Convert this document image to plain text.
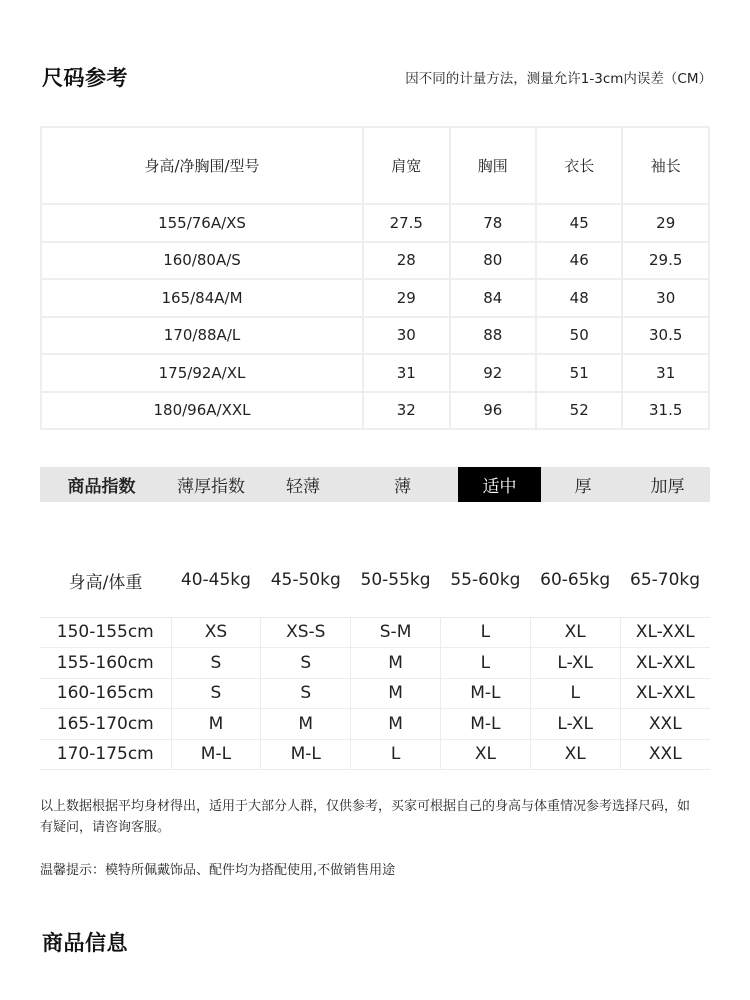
尺码参考	因不同的计量方法，测量允许1-3cm内误差（CM）
身高/净胸围/型号	肩宽	胸围	衣长	袖长
155/76A/XS	27.5	78	45	29
160/80A/S	28	80	46	29.5
165/84A/M	29	84	48	30
170/88A/L	30	88	50	30.5
175/92A/XL	31	92	51	31
180/96A/XXL	32	96	52	31.5
商品指数	薄厚指数	轻薄	薄	适中	厚	加厚
身高/体重	40-45kg	45-50kg	50-55kg	55-60kg	60-65kg	65-70kg

150-155cm	XS	XS-S	S-M	L	XL	XL-XXL
155-160cm	S	S	M	L	L-XL	XL-XXL
160-165cm	S	S	M	M-L	L	XL-XXL
165-170cm	M	M	M	M-L	L-XL	XXL
170-175cm	M-L	M-L	L	XL	XL	XXL

以上数据根据平均身材得出，适用于大部分人群，仅供参考，买家可根据自己的身高与体重情况参考选择尺码，如有疑问，请咨询客服。

温馨提示：模特所佩戴饰品、配件均为搭配使用,不做销售用途

商品信息
